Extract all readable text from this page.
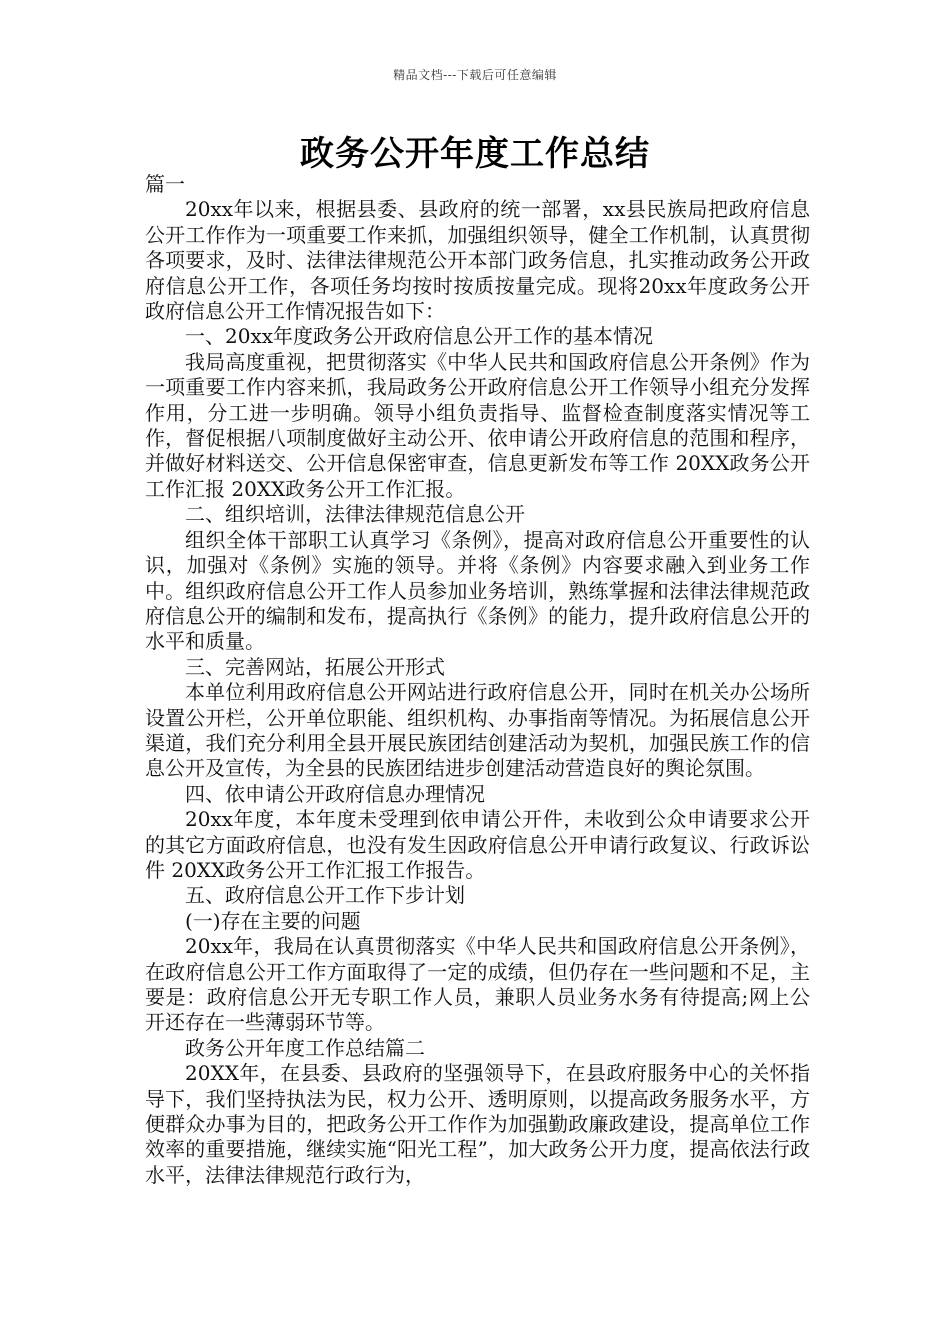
精品文档---下载后可任意编辑
政务公开年度工作总结

篇一

20xx年以来，根据县委、县政府的统一部署，xx县民族局把政府信息公开工作作为一项重要工作来抓，加强组织领导，健全工作机制，认真贯彻各项要求，及时、法律法律规范公开本部门政务信息，扎实推动政务公开政府信息公开工作，各项任务均按时按质按量完成。现将20xx年度政务公开政府信息公开工作情况报告如下：

一、20xx年度政务公开政府信息公开工作的基本情况

我局高度重视，把贯彻落实《中华人民共和国政府信息公开条例》作为一项重要工作内容来抓，我局政务公开政府信息公开工作领导小组充分发挥作用，分工进一步明确。领导小组负责指导、监督检查制度落实情况等工作，督促根据八项制度做好主动公开、依申请公开政府信息的范围和程序，并做好材料送交、公开信息保密审查，信息更新发布等工作 20XX政务公开工作汇报 20XX政务公开工作汇报。

二、组织培训，法律法律规范信息公开

组织全体干部职工认真学习《条例》，提高对政府信息公开重要性的认识，加强对《条例》实施的领导。并将《条例》内容要求融入到业务工作中。组织政府信息公开工作人员参加业务培训，熟练掌握和法律法律规范政府信息公开的编制和发布，提高执行《条例》的能力，提升政府信息公开的水平和质量。

三、完善网站，拓展公开形式

本单位利用政府信息公开网站进行政府信息公开，同时在机关办公场所设置公开栏，公开单位职能、组织机构、办事指南等情况。为拓展信息公开渠道，我们充分利用全县开展民族团结创建活动为契机，加强民族工作的信息公开及宣传，为全县的民族团结进步创建活动营造良好的舆论氛围。

四、依申请公开政府信息办理情况

20xx年度，本年度未受理到依申请公开件，未收到公众申请要求公开的其它方面政府信息，也没有发生因政府信息公开申请行政复议、行政诉讼件 20XX政务公开工作汇报工作报告。

五、政府信息公开工作下步计划

(一)存在主要的问题

20xx年，我局在认真贯彻落实《中华人民共和国政府信息公开条例》，在政府信息公开工作方面取得了一定的成绩，但仍存在一些问题和不足，主要是：政府信息公开无专职工作人员，兼职人员业务水务有待提高;网上公开还存在一些薄弱环节等。

政务公开年度工作总结篇二

20XX年，在县委、县政府的坚强领导下，在县政府服务中心的关怀指导下，我们坚持执法为民，权力公开、透明原则，以提高政务服务水平，方便群众办事为目的，把政务公开工作作为加强勤政廉政建设，提高单位工作效率的重要措施，继续实施“阳光工程”，加大政务公开力度，提高依法行政水平，法律法律规范行政行为，
